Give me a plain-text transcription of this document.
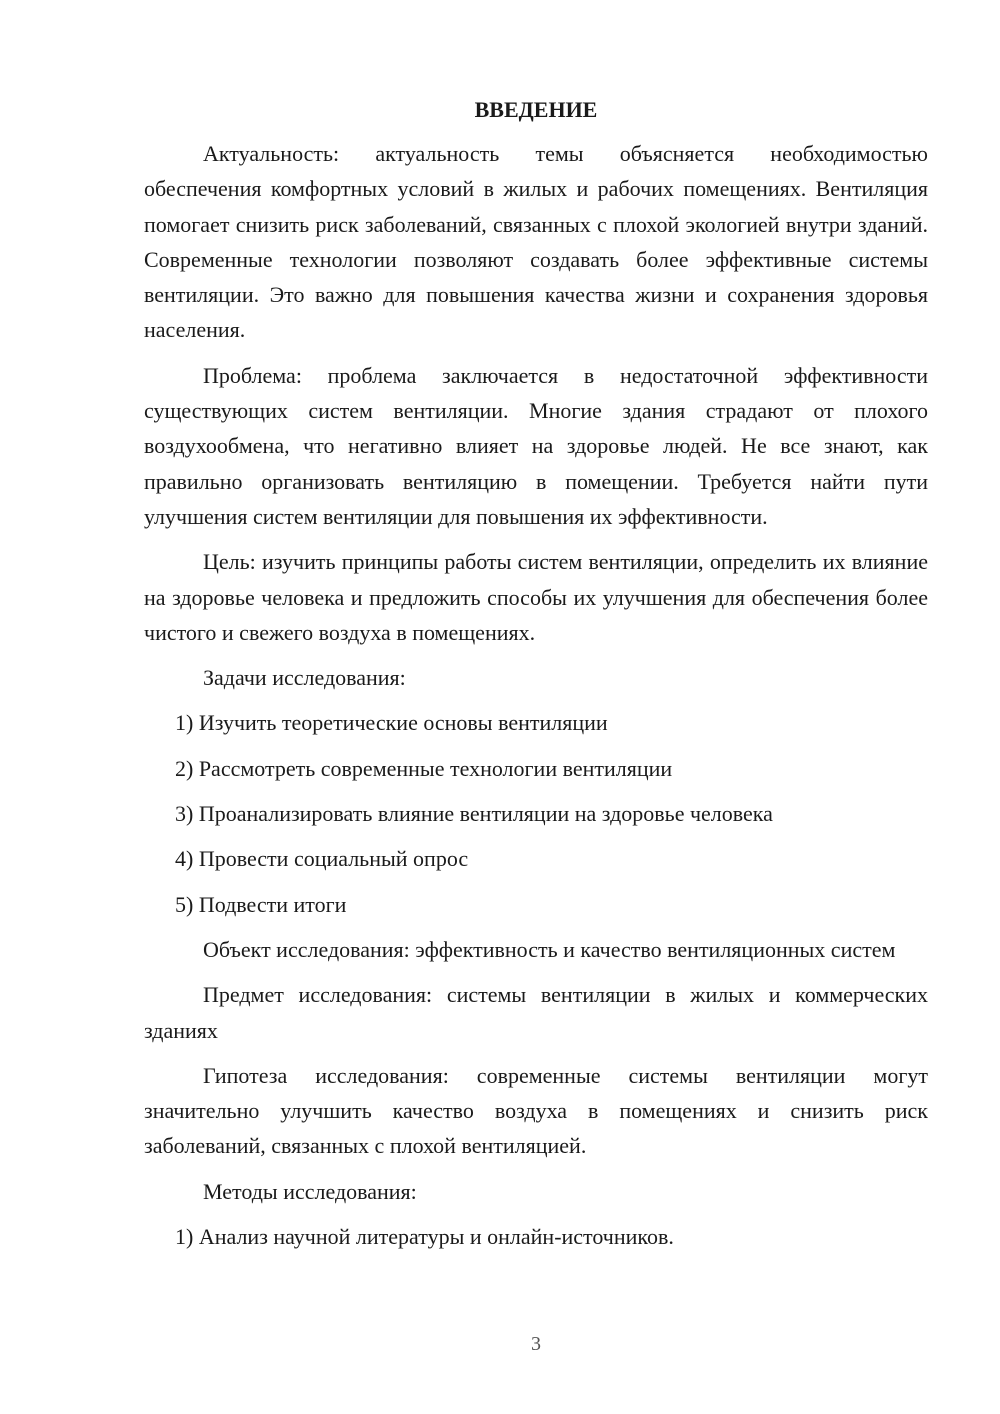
ВВЕДЕНИЕ

Актуальность: актуальность темы объясняется необходимостью обеспечения комфортных условий в жилых и рабочих помещениях. Вентиляция помогает снизить риск заболеваний, связанных с плохой экологией внутри зданий. Современные технологии позволяют создавать более эффективные системы вентиляции. Это важно для повышения качества жизни и сохранения здоровья населения.

Проблема: проблема заключается в недостаточной эффективности существующих систем вентиляции. Многие здания страдают от плохого воздухообмена, что негативно влияет на здоровье людей. Не все знают, как правильно организовать вентиляцию в помещении. Требуется найти пути улучшения систем вентиляции для повышения их эффективности.

Цель: изучить принципы работы систем вентиляции, определить их влияние на здоровье человека и предложить способы их улучшения для обеспечения более чистого и свежего воздуха в помещениях.

Задачи исследования:

1) Изучить теоретические основы вентиляции

2) Рассмотреть современные технологии вентиляции

3) Проанализировать влияние вентиляции на здоровье человека

4) Провести социальный опрос

5) Подвести итоги

Объект исследования: эффективность и качество вентиляционных систем

Предмет исследования: системы вентиляции в жилых и коммерческих зданиях

Гипотеза исследования: современные системы вентиляции могут значительно улучшить качество воздуха в помещениях и снизить риск заболеваний, связанных с плохой вентиляцией.

Методы исследования:

1) Анализ научной литературы и онлайн-источников.

3
